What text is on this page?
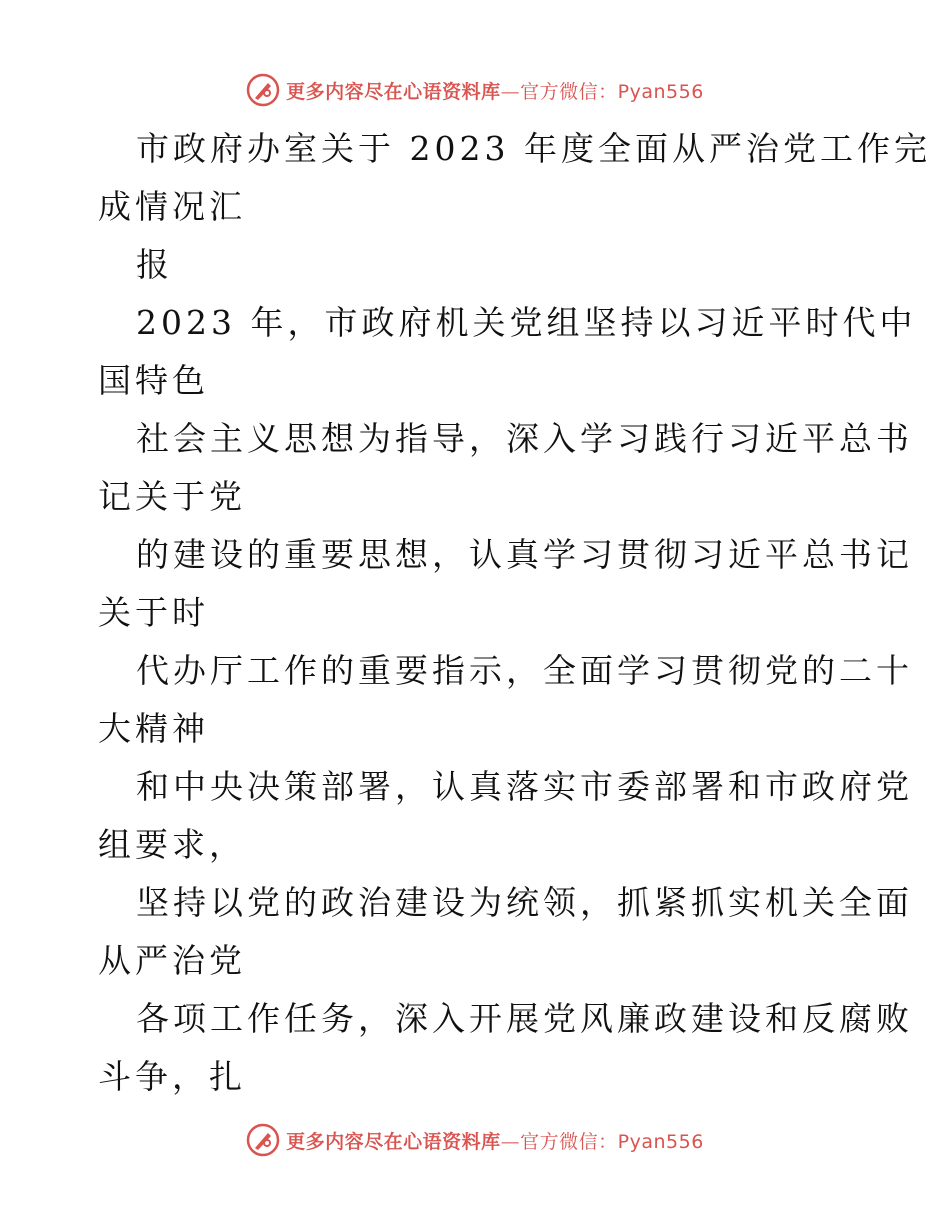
更多内容尽在心语资料库—官方微信：Pyan556
市政府办室关于 2023 年度全面从严治党工作完
成情况汇
报
2023 年，市政府机关党组坚持以习近平时代中
国特色
社会主义思想为指导，深入学习践行习近平总书
记关于党
的建设的重要思想，认真学习贯彻习近平总书记
关于时
代办厅工作的重要指示，全面学习贯彻党的二十
大精神
和中央决策部署，认真落实市委部署和市政府党
组要求，
坚持以党的政治建设为统领，抓紧抓实机关全面
从严治党
各项工作任务，深入开展党风廉政建设和反腐败
斗争，扎
更多内容尽在心语资料库—官方微信：Pyan556
